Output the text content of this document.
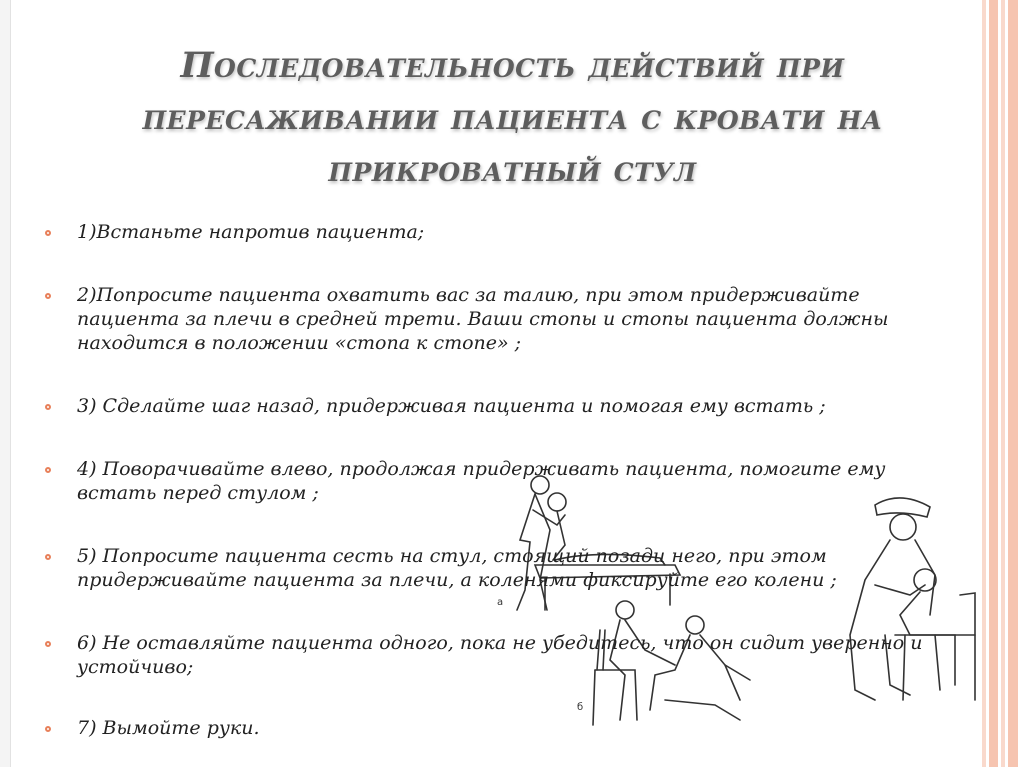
Последовательность действий при пересаживании пациента с кровати на прикроватный стул
а
б
1)Встаньте напротив пациента;
2)Попросите пациента охватить вас за талию, при этом придерживайте пациента за плечи в средней трети. Ваши стопы и стопы пациента должны находится в положении «стопа к стопе» ;
3) Сделайте шаг назад, придерживая пациента и помогая ему встать ;
4) Поворачивайте влево, продолжая придерживать пациента, помогите ему встать перед стулом ;
5) Попросите пациента сесть на стул, стоящий позади него, при этом придерживайте пациента за плечи, а коленями фиксируйте его колени ;
6) Не оставляйте пациента одного, пока не убедитесь, что он сидит уверенно и устойчиво;
7) Вымойте руки.
